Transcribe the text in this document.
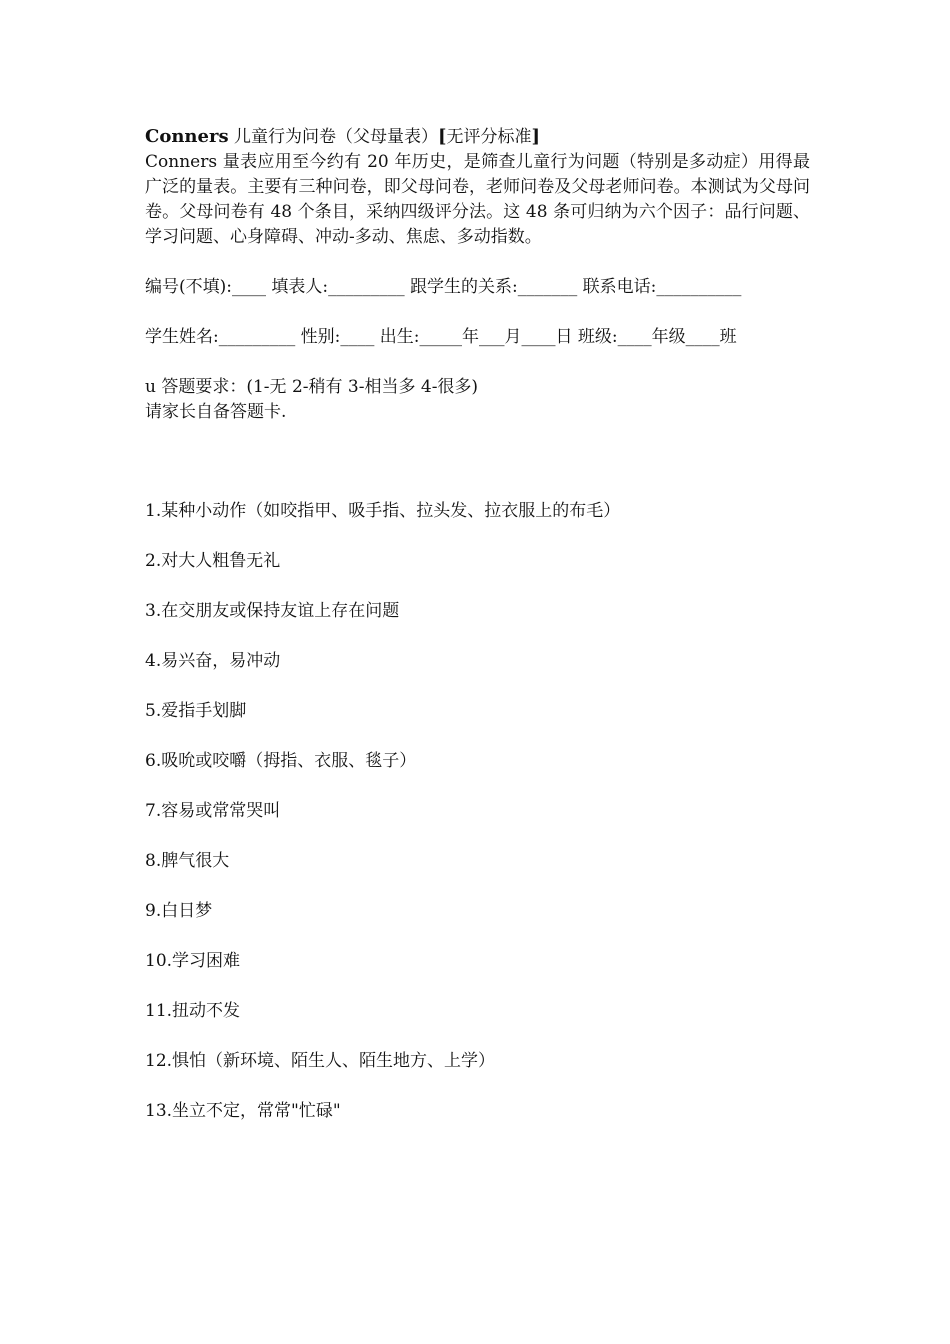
Conners 儿童行为问卷（父母量表）[无评分标准]

Conners 量表应用至今约有 20 年历史，是筛查儿童行为问题（特别是多动症）用得最广泛的量表。主要有三种问卷，即父母问卷，老师问卷及父母老师问卷。本测试为父母问卷。父母问卷有 48 个条目，采纳四级评分法。这 48 条可归纳为六个因子：品行问题、学习问题、心身障碍、冲动-多动、焦虑、多动指数。

编号(不填):____ 填表人:_________ 跟学生的关系:_______ 联系电话:__________
学生姓名:_________ 性别:____ 出生:_____年___月____日 班级:____年级____班
u 答题要求：(1-无 2-稍有 3-相当多 4-很多)
请家长自备答题卡.
1.某种小动作（如咬指甲、吸手指、拉头发、拉衣服上的布毛）
2.对大人粗鲁无礼
3.在交朋友或保持友谊上存在问题
4.易兴奋，易冲动
5.爱指手划脚
6.吸吮或咬嚼（拇指、衣服、毯子）
7.容易或常常哭叫
8.脾气很大
9.白日梦
10.学习困难
11.扭动不发
12.惧怕（新环境、陌生人、陌生地方、上学）
13.坐立不定，常常"忙碌"
